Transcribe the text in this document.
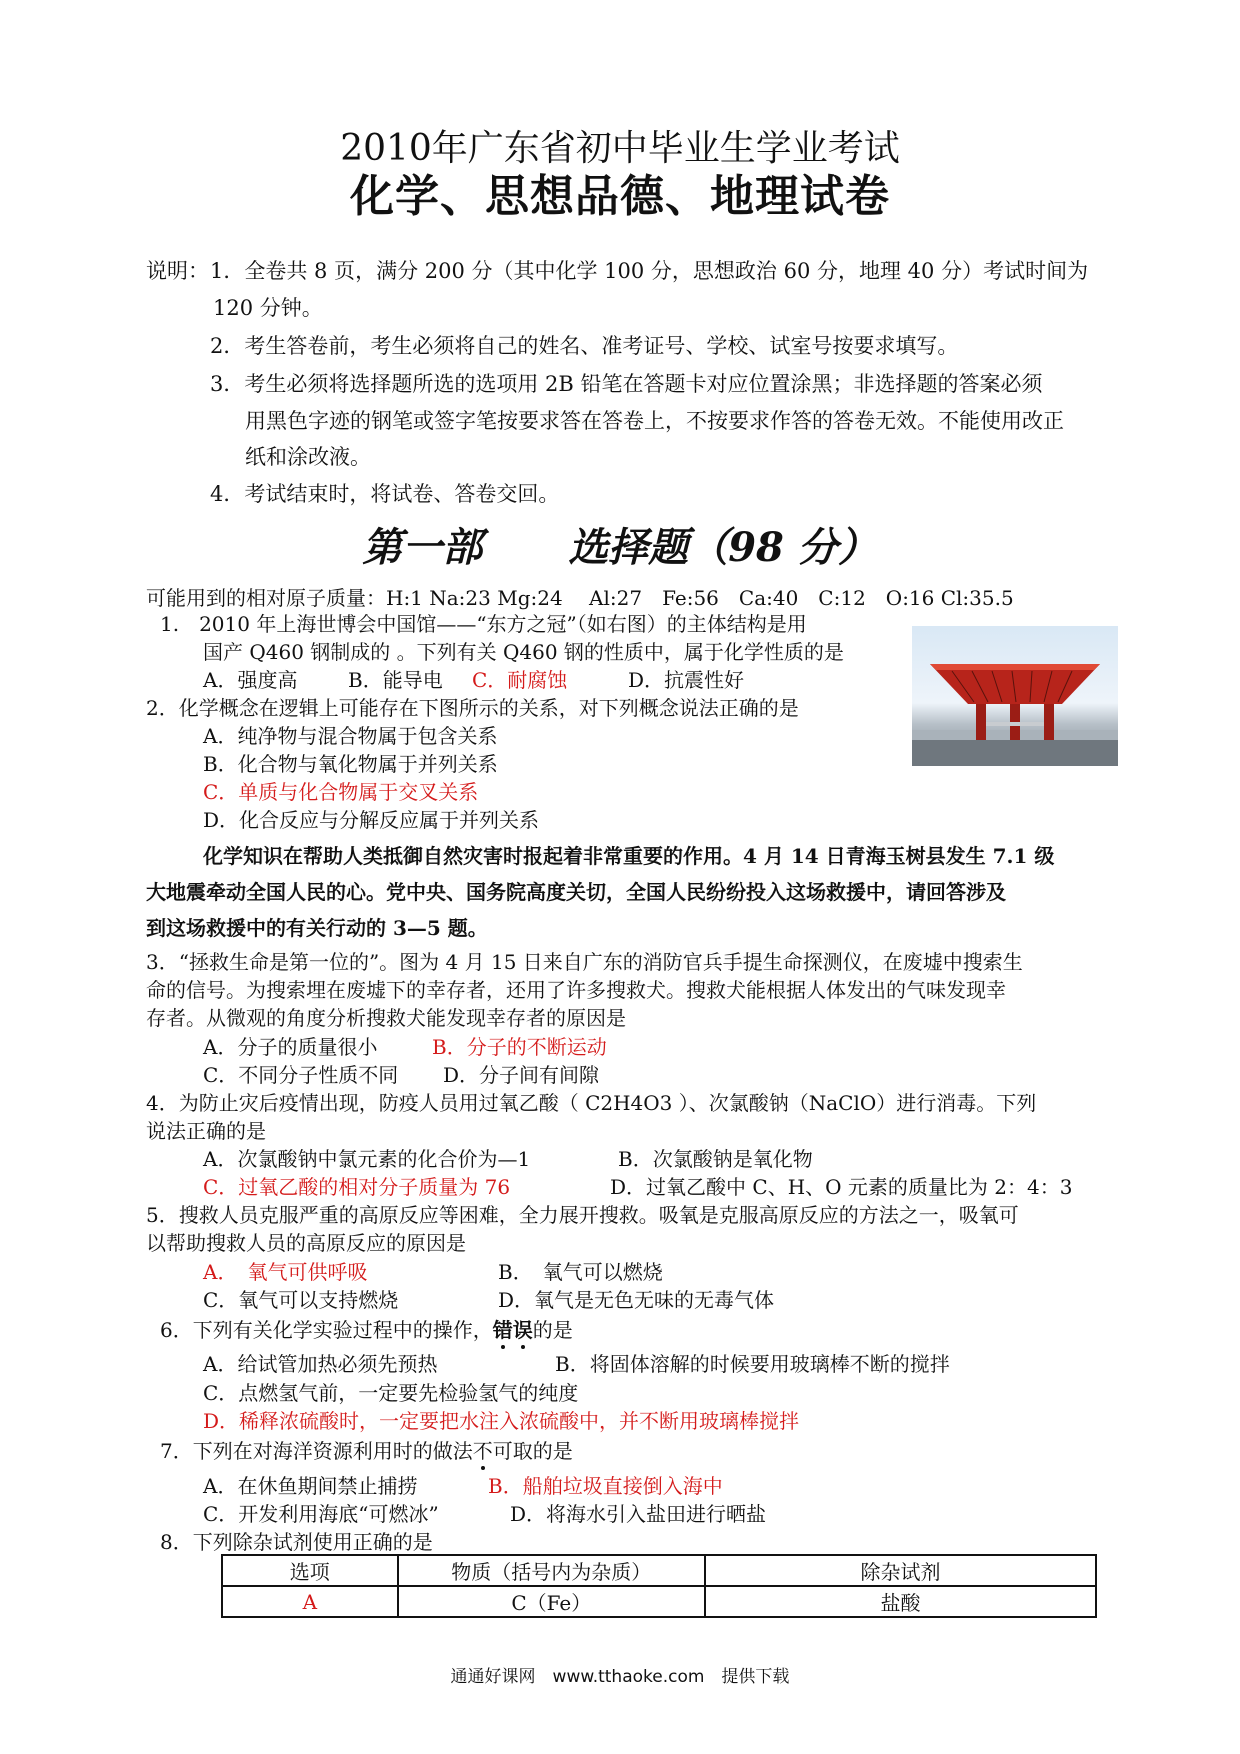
2010年广东省初中毕业生学业考试
化学、思想品德、地理试卷
说明： 1．全卷共 8 页，满分 200 分（其中化学 100 分，思想政治 60 分，地理 40 分）考试时间为
120 分钟。
2．考生答卷前，考生必须将自己的姓名、准考证号、学校、试室号按要求填写。
3．考生必须将选择题所选的选项用 2B 铅笔在答题卡对应位置涂黑；非选择题的答案必须
用黑色字迹的钢笔或签字笔按要求答在答卷上，不按要求作答的答卷无效。不能使用改正
纸和涂改液。
4．考试结束时，将试卷、答卷交回。
第一部 选择题（98 分）
可能用到的相对原子质量：H:1 Na:23 Mg:24　 Al:27　Fe:56　Ca:40　C:12　O:16 Cl:35.5
1.　2010 年上海世博会中国馆——“东方之冠”（如右图）的主体结构是用
国产 Q460 钢制成的 。下列有关 Q460 钢的性质中，属于化学性质的是
A．强度高	B．能导电 C．耐腐蚀	D．抗震性好
2．化学概念在逻辑上可能存在下图所示的关系，对下列概念说法正确的是
A．纯净物与混合物属于包含关系
B．化合物与氧化物属于并列关系
C．单质与化合物属于交叉关系
D．化合反应与分解反应属于并列关系
化学知识在帮助人类抵御自然灾害时报起着非常重要的作用。4 月 14 日青海玉树县发生 7.1 级
大地震牵动全国人民的心。党中央、国务院高度关切，全国人民纷纷投入这场救援中，请回答涉及
到这场救援中的有关行动的 3—5 题。
3．“拯救生命是第一位的”。图为 4 月 15 日来自广东的消防官兵手提生命探测仪，在废墟中搜索生
命的信号。为搜索埋在废墟下的幸存者，还用了许多搜救犬。搜救犬能根据人体发出的气味发现幸
存者。从微观的角度分析搜救犬能发现幸存者的原因是
A．分子的质量很小	B．分子的不断运动
C．不同分子性质不同 D．分子间有间隙
4．为防止灾后疫情出现，防疫人员用过氧乙酸（ C2H4O3 ）、次氯酸钠（NaClO）进行消毒。下列
说法正确的是
A．次氯酸钠中氯元素的化合价为—1	B．次氯酸钠是氧化物
C．过氧乙酸的相对分子质量为 76	D．过氧乙酸中 C、H、O 元素的质量比为 2：4：3
5．搜救人员克服严重的高原反应等困难，全力展开搜救。吸氧是克服高原反应的方法之一，吸氧可
以帮助搜救人员的高原反应的原因是
A．　氧气可供呼吸	B．　氧气可以燃烧
C．氧气可以支持燃烧	D．氧气是无色无味的无毒气体
6．下列有关化学实验过程中的操作，错误的是
A．给试管加热必须先预热	B．将固体溶解的时候要用玻璃棒不断的搅拌
C．点燃氢气前，一定要先检验氢气的纯度
D．稀释浓硫酸时，一定要把水注入浓硫酸中，并不断用玻璃棒搅拌
7．下列在对海洋资源利用时的做法不可取的是
A．在休鱼期间禁止捕捞	B．船舶垃圾直接倒入海中
C．开发利用海底“可燃冰”	D．将海水引入盐田进行晒盐
8．下列除杂试剂使用正确的是
选项	物质（括号内为杂质）	除杂试剂
A	C（Fe）	盐酸
通通好课网　www.tthaoke.com　提供下载
